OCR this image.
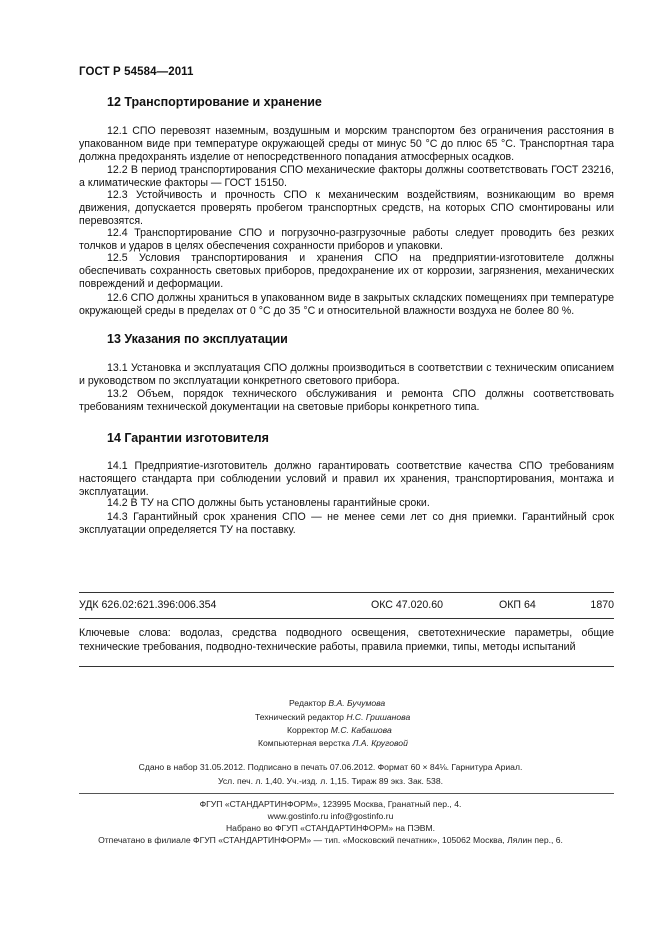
ГОСТ Р 54584—2011
12 Транспортирование и хранение
12.1 СПО перевозят наземным, воздушным и морским транспортом без ограничения расстояния в упакованном виде при температуре окружающей среды от минус 50 °С до плюс 65 °С. Транспортная тара должна предохранять изделие от непосредственного попадания атмосферных осадков.
12.2 В период транспортирования СПО механические факторы должны соответствовать ГОСТ 23216, а климатические факторы — ГОСТ 15150.
12.3 Устойчивость и прочность СПО к механическим воздействиям, возникающим во время движения, допускается проверять пробегом транспортных средств, на которых СПО смонтированы или перевозятся.
12.4 Транспортирование СПО и погрузочно-разгрузочные работы следует проводить без резких толчков и ударов в целях обеспечения сохранности приборов и упаковки.
12.5 Условия транспортирования и хранения СПО на предприятии-изготовителе должны обеспечивать сохранность световых приборов, предохранение их от коррозии, загрязнения, механических повреждений и деформации.
12.6 СПО должны храниться в упакованном виде в закрытых складских помещениях при температуре окружающей среды в пределах от 0 °С до 35 °С и относительной влажности воздуха не более 80 %.
13 Указания по эксплуатации
13.1 Установка и эксплуатация СПО должны производиться в соответствии с техническим описанием и руководством по эксплуатации конкретного светового прибора.
13.2 Объем, порядок технического обслуживания и ремонта СПО должны соответствовать требованиям технической документации на световые приборы конкретного типа.
14 Гарантии изготовителя
14.1 Предприятие-изготовитель должно гарантировать соответствие качества СПО требованиям настоящего стандарта при соблюдении условий и правил их хранения, транспортирования, монтажа и эксплуатации.
14.2 В ТУ на СПО должны быть установлены гарантийные сроки.
14.3 Гарантийный срок хранения СПО — не менее семи лет со дня приемки. Гарантийный срок эксплуатации определяется ТУ на поставку.
УДК 626.02:621.396:006.354	ОКС 47.020.60	ОКП 64	1870
Ключевые слова: водолаз, средства подводного освещения, светотехнические параметры, общие технические требования, подводно-технические работы, правила приемки, типы, методы испытаний
Редактор В.А. Бучумова
Технический редактор Н.С. Гришанова
Корректор М.С. Кабашова
Компьютерная верстка Л.А. Круговой
Сдано в набор 31.05.2012. Подписано в печать 07.06.2012. Формат 60 × 84⅛. Гарнитура Ариал.
Усл. печ. л. 1,40. Уч.-изд. л. 1,15. Тираж 89 экз. Зак. 538.
ФГУП «СТАНДАРТИНФОРМ», 123995 Москва, Гранатный пер., 4.
www.gostinfo.ru info@gostinfo.ru
Набрано во ФГУП «СТАНДАРТИНФОРМ» на ПЭВМ.
Отпечатано в филиале ФГУП «СТАНДАРТИНФОРМ» — тип. «Московский печатник», 105062 Москва, Лялин пер., 6.
